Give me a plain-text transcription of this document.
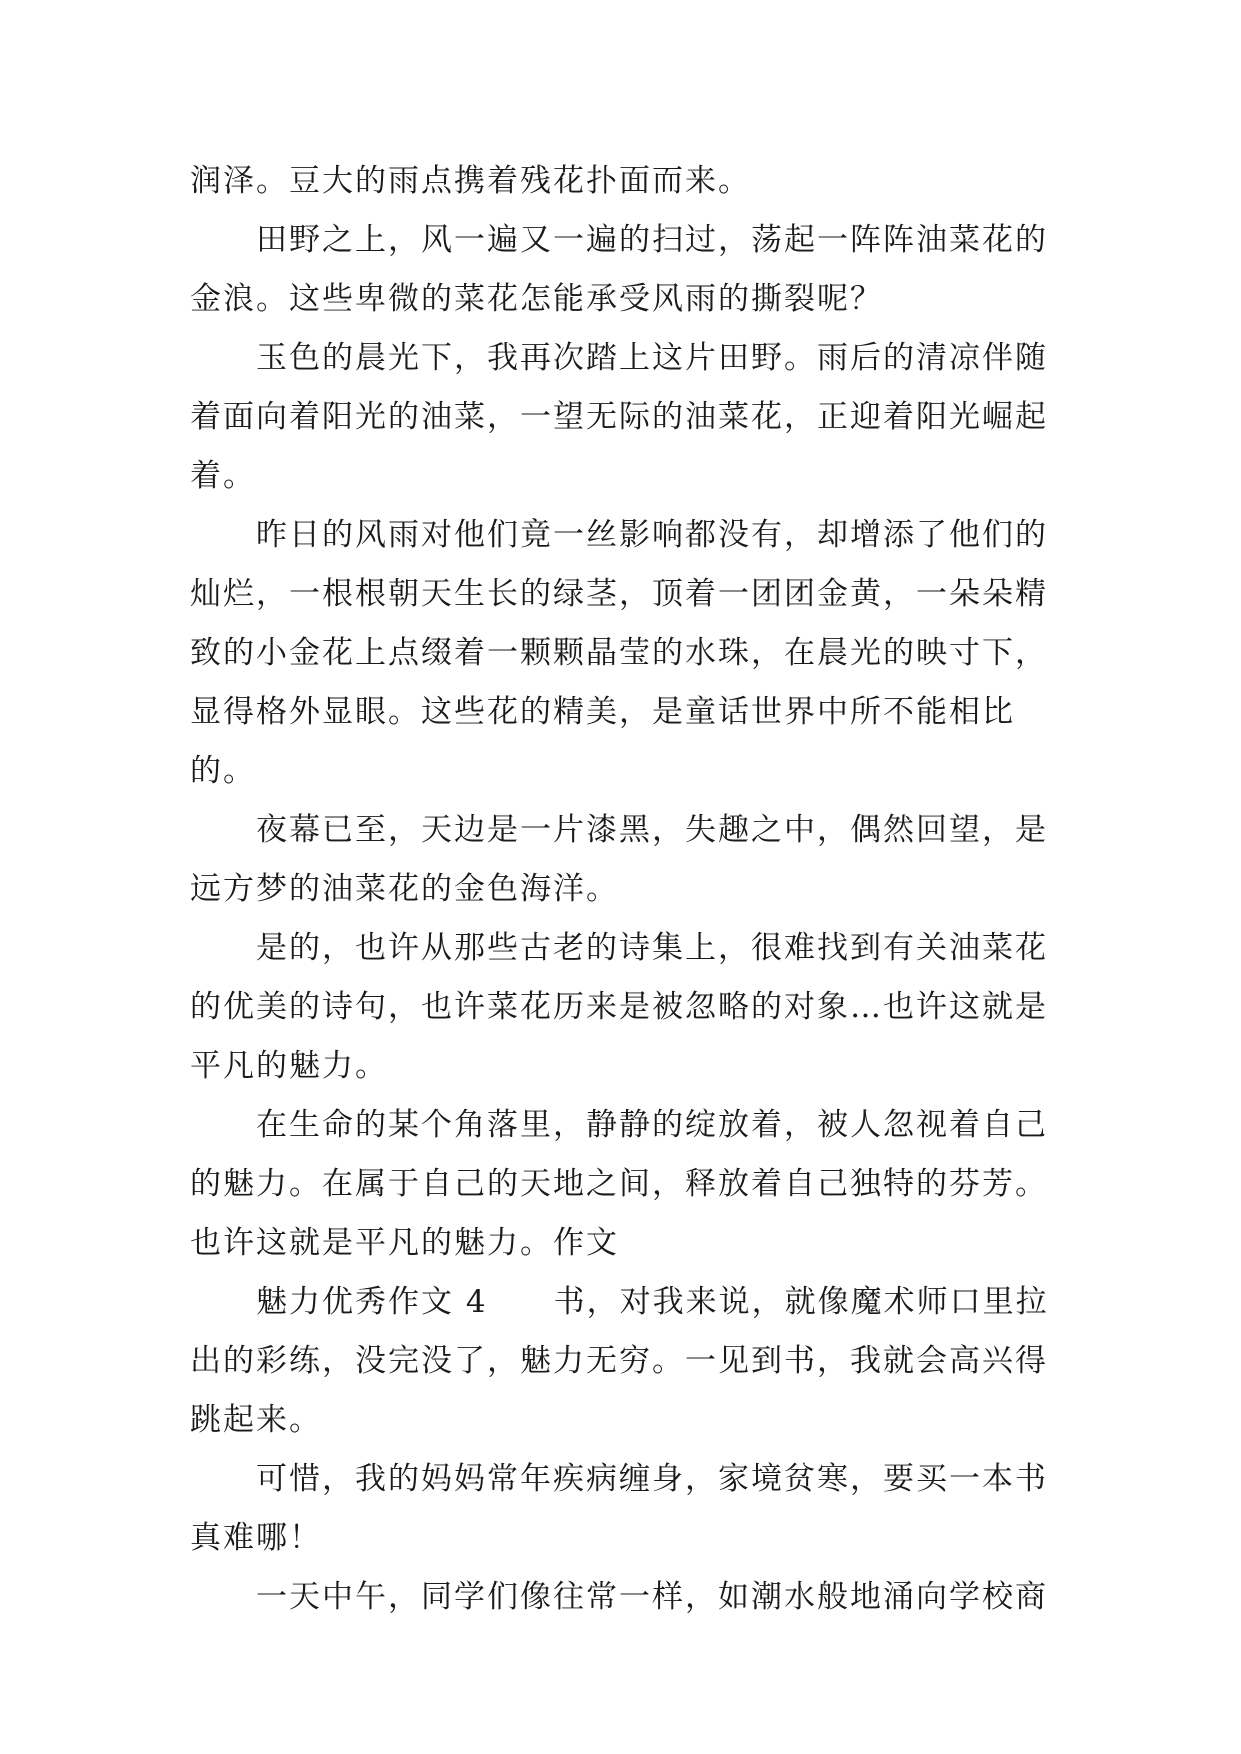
润泽。豆大的雨点携着残花扑面而来。

田野之上，风一遍又一遍的扫过，荡起一阵阵油菜花的金浪。这些卑微的菜花怎能承受风雨的撕裂呢？

玉色的晨光下，我再次踏上这片田野。雨后的清凉伴随着面向着阳光的油菜，一望无际的油菜花，正迎着阳光崛起着。

昨日的风雨对他们竟一丝影响都没有，却增添了他们的灿烂，一根根朝天生长的绿茎，顶着一团团金黄，一朵朵精致的小金花上点缀着一颗颗晶莹的水珠，在晨光的映寸下，显得格外显眼。这些花的精美，是童话世界中所不能相比的。

夜幕已至，天边是一片漆黑，失趣之中，偶然回望，是远方梦的油菜花的金色海洋。

是的，也许从那些古老的诗集上，很难找到有关油菜花的优美的诗句，也许菜花历来是被忽略的对象…也许这就是平凡的魅力。

在生命的某个角落里，静静的绽放着，被人忽视着自己的魅力。在属于自己的天地之间，释放着自己独特的芬芳。也许这就是平凡的魅力。作文

魅力优秀作文 4 书，对我来说，就像魔术师口里拉出的彩练，没完没了，魅力无穷。一见到书，我就会高兴得跳起来。

可惜，我的妈妈常年疾病缠身，家境贫寒，要买一本书真难哪！

一天中午，同学们像往常一样，如潮水般地涌向学校商
